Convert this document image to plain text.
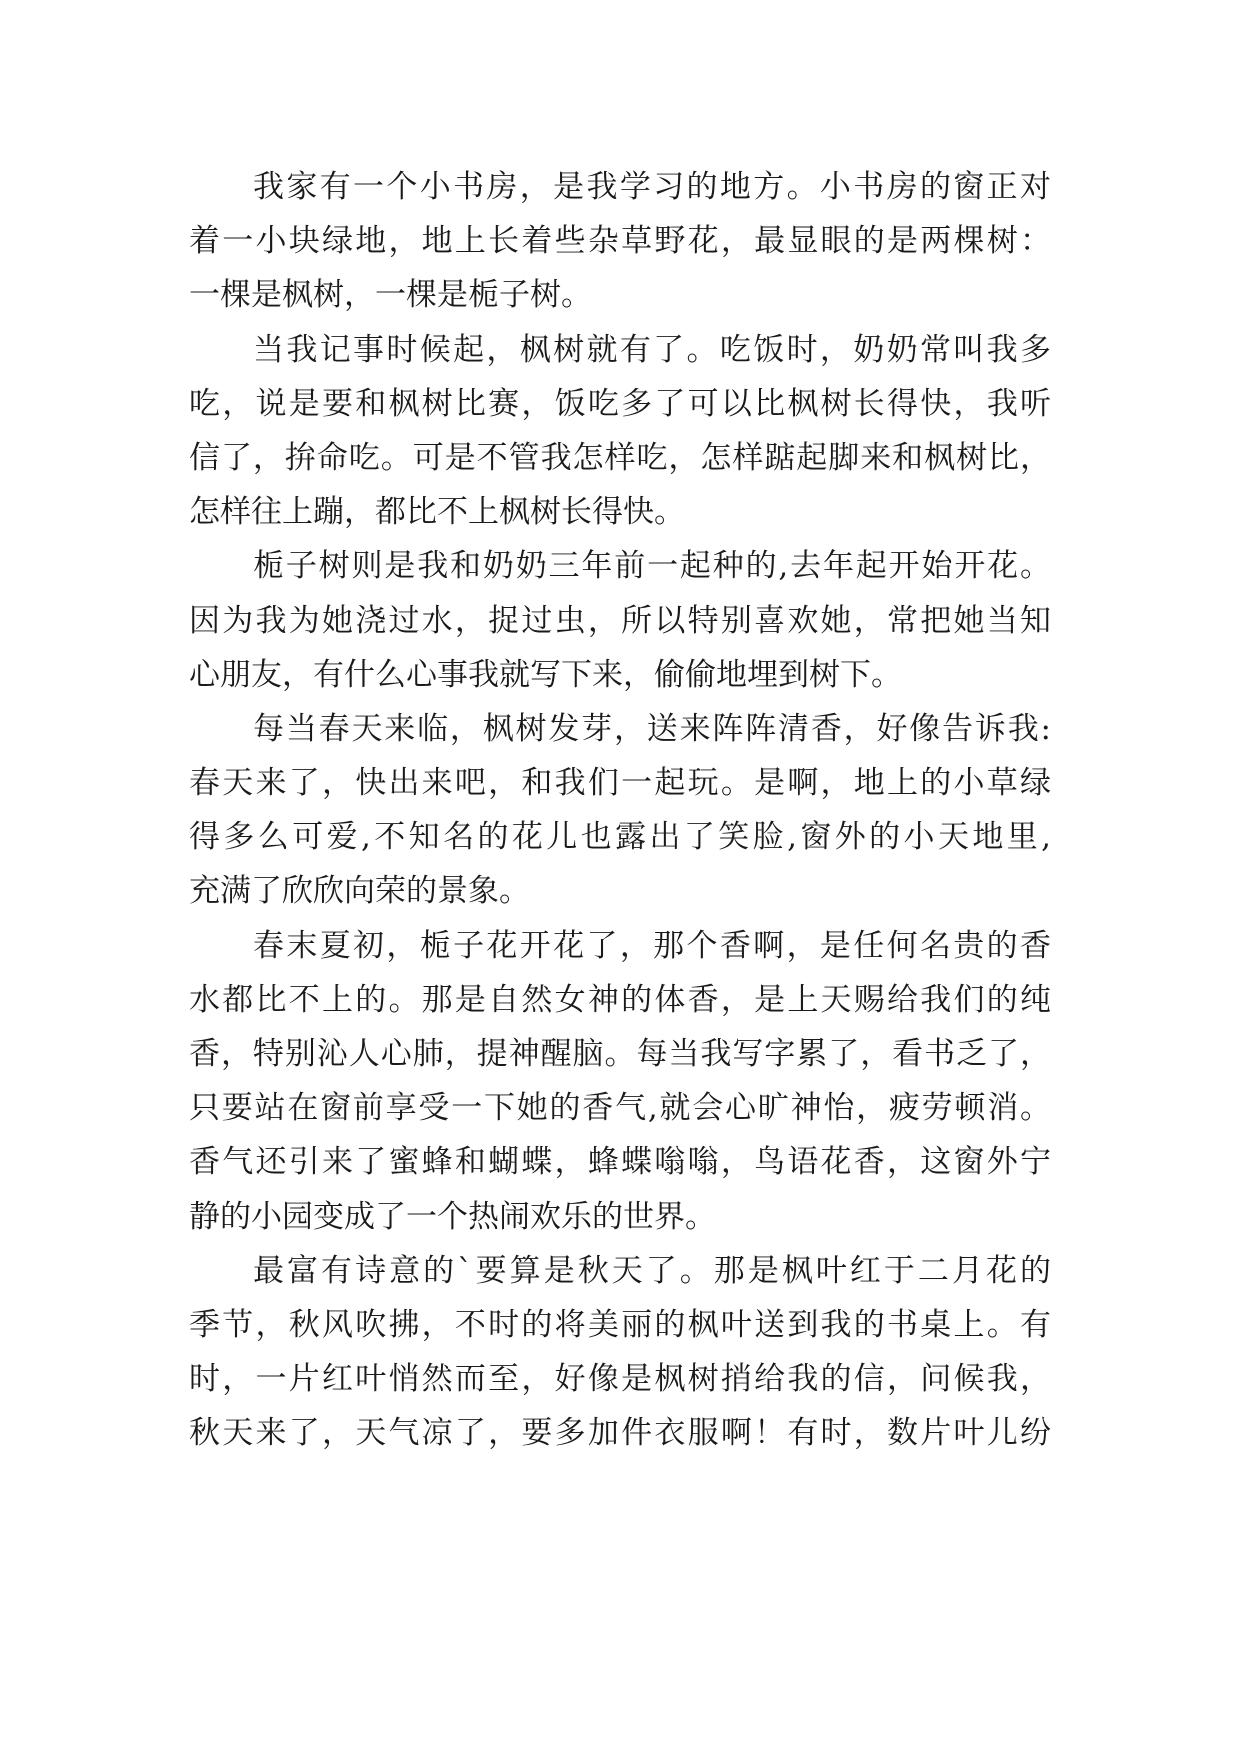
我家有一个小书房，是我学习的地方。小书房的窗正对
着一小块绿地，地上长着些杂草野花，最显眼的是两棵树：
一棵是枫树，一棵是栀子树。
当我记事时候起，枫树就有了。吃饭时，奶奶常叫我多
吃，说是要和枫树比赛，饭吃多了可以比枫树长得快，我听
信了，拚命吃。可是不管我怎样吃，怎样踮起脚来和枫树比，
怎样往上蹦，都比不上枫树长得快。
栀子树则是我和奶奶三年前一起种的,去年起开始开花。
因为我为她浇过水，捉过虫，所以特别喜欢她，常把她当知
心朋友，有什么心事我就写下来，偷偷地埋到树下。
每当春天来临，枫树发芽，送来阵阵清香，好像告诉我:
春天来了，快出来吧，和我们一起玩。是啊，地上的小草绿
得多么可爱,不知名的花儿也露出了笑脸,窗外的小天地里,
充满了欣欣向荣的景象。
春末夏初，栀子花开花了，那个香啊，是任何名贵的香
水都比不上的。那是自然女神的体香，是上天赐给我们的纯
香，特别沁人心肺，提神醒脑。每当我写字累了，看书乏了，
只要站在窗前享受一下她的香气,就会心旷神怡，疲劳顿消。
香气还引来了蜜蜂和蝴蝶，蜂蝶嗡嗡，鸟语花香，这窗外宁
静的小园变成了一个热闹欢乐的世界。
最富有诗意的`要算是秋天了。那是枫叶红于二月花的
季节，秋风吹拂，不时的将美丽的枫叶送到我的书桌上。有
时，一片红叶悄然而至，好像是枫树捎给我的信，问候我，
秋天来了，天气凉了，要多加件衣服啊！有时，数片叶儿纷
